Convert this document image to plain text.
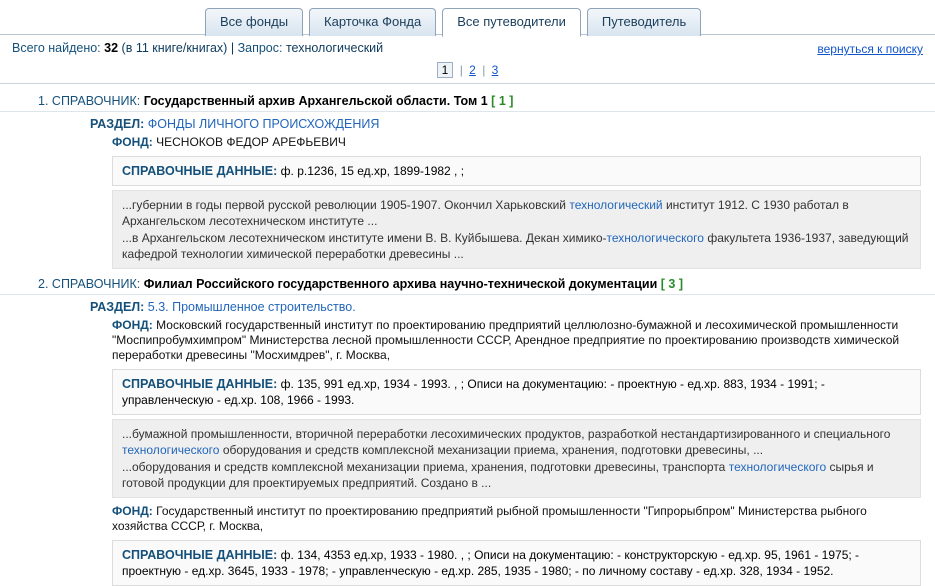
Все фонды	Карточка Фонда	Все путеводители	Путеводитель
Всего найдено: 32 (в 11 книге/книгах) | Запрос: технологический	вернуться к поиску
1 | 2 | 3
1. СПРАВОЧНИК: Государственный архив Архангельской области. Том 1 [ 1 ]
РАЗДЕЛ: ФОНДЫ ЛИЧНОГО ПРОИСХОЖДЕНИЯ
ФОНД: ЧЕСНОКОВ ФЕДОР АРЕФЬЕВИЧ
СПРАВОЧНЫЕ ДАННЫЕ: ф. р.1236, 15 ед.хр, 1899-1982 , ;

...губернии в годы первой русской революции 1905-1907. Окончил Харьковский технологический институт 1912. С 1930 работал в Архангельском лесотехническом институте ...

...в Архангельском лесотехническом институте имени В. В. Куйбышева. Декан химико-технологического факультета 1936-1937, заведующий кафедрой технологии химической переработки древесины ...

2. СПРАВОЧНИК: Филиал Российского государственного архива научно-технической документации [ 3 ]
РАЗДЕЛ: 5.3. Промышленное строительство.
ФОНД: Московский государственный институт по проектированию предприятий целлюлозно-бумажной и лесохимической промышленности "Моспипробумхимпром" Министерства лесной промышленности СССР, Арендное предприятие по проектированию производств химической переработки древесины "Мосхимдрев", г. Москва,
СПРАВОЧНЫЕ ДАННЫЕ: ф. 135, 991 ед.хр, 1934 - 1993. , ; Описи на документацию: - проектную - ед.хр. 883, 1934 - 1991; - управленческую - ед.хр. 108, 1966 - 1993.

...бумажной промышленности, вторичной переработки лесохимических продуктов, разработкой нестандартизированного и специального технологического оборудования и средств комплексной механизации приема, хранения, подготовки древесины, ...

...оборудования и средств комплексной механизации приема, хранения, подготовки древесины, транспорта технологического сырья и готовой продукции для проектируемых предприятий. Создано в ...

ФОНД: Государственный институт по проектированию предприятий рыбной промышленности "Гипрорыбпром" Министерства рыбного хозяйства СССР, г. Москва,
СПРАВОЧНЫЕ ДАННЫЕ: ф. 134, 4353 ед.хр, 1933 - 1980. , ; Описи на документацию: - конструкторскую - ед.хр. 95, 1961 - 1975; - проектную - ед.хр. 3645, 1933 - 1978; - управленческую - ед.хр. 285, 1935 - 1980; - по личному составу - ед.хр. 328, 1934 - 1952.
